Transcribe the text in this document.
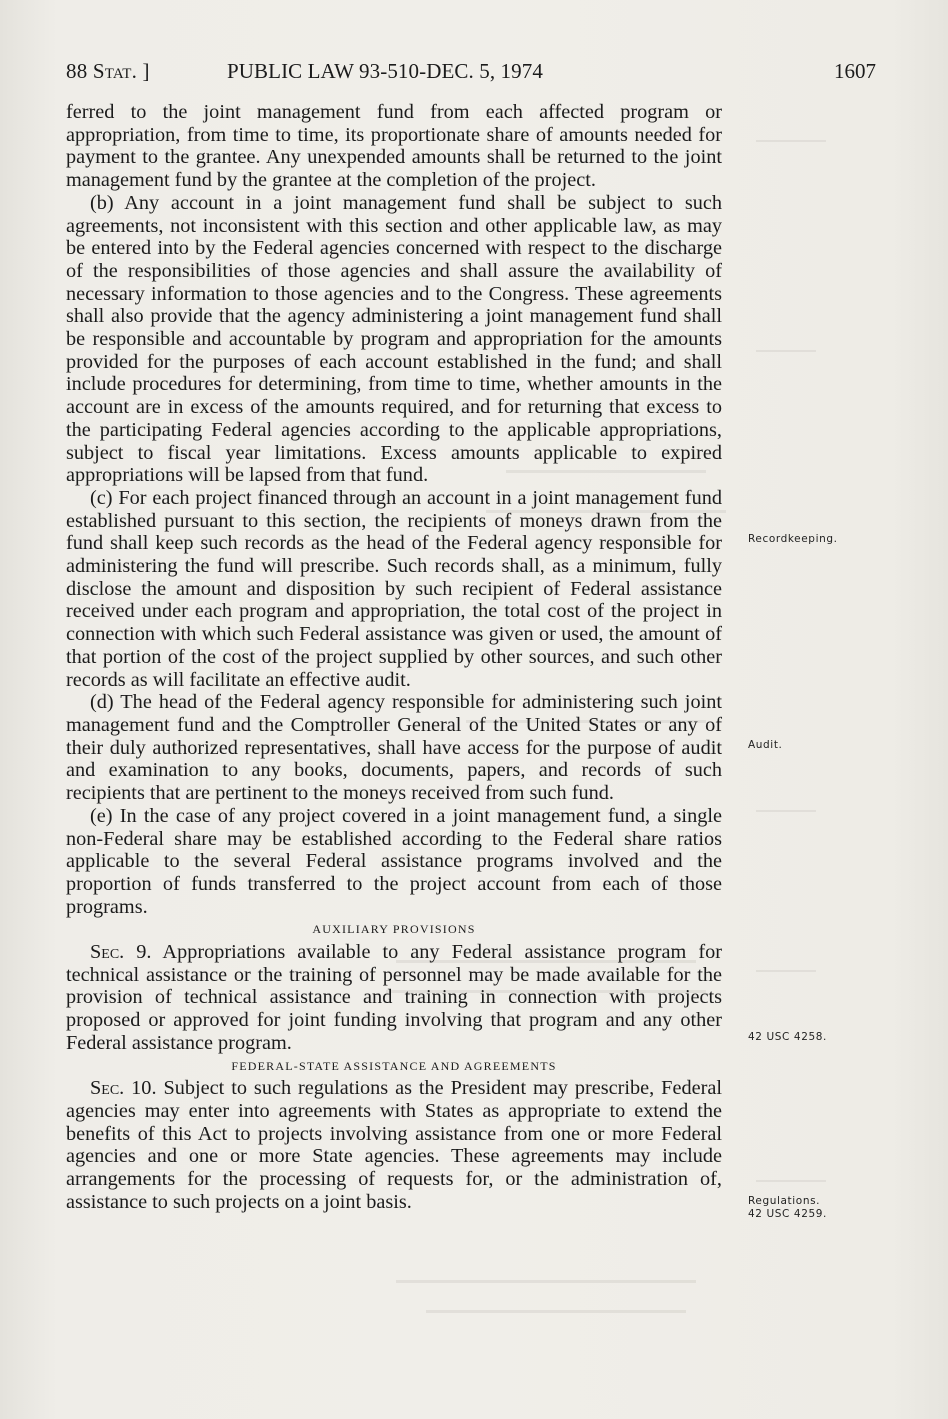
88 Stat. ]	PUBLIC LAW 93-510-DEC. 5, 1974	1607

ferred to the joint management fund from each affected program or appropriation, from time to time, its proportionate share of amounts needed for payment to the grantee. Any unexpended amounts shall be returned to the joint management fund by the grantee at the completion of the project.

(b) Any account in a joint management fund shall be subject to such agreements, not inconsistent with this section and other applicable law, as may be entered into by the Federal agencies concerned with respect to the discharge of the responsibilities of those agencies and shall assure the availability of necessary information to those agencies and to the Congress. These agreements shall also provide that the agency administering a joint management fund shall be responsible and accountable by program and appropriation for the amounts provided for the purposes of each account established in the fund; and shall include procedures for determining, from time to time, whether amounts in the account are in excess of the amounts required, and for returning that excess to the participating Federal agencies according to the applicable appropriations, subject to fiscal year limitations. Excess amounts applicable to expired appropriations will be lapsed from that fund.

(c) For each project financed through an account in a joint management fund established pursuant to this section, the recipients of moneys drawn from the fund shall keep such records as the head of the Federal agency responsible for administering the fund will prescribe. Such records shall, as a minimum, fully disclose the amount and disposition by such recipient of Federal assistance received under each program and appropriation, the total cost of the project in connection with which such Federal assistance was given or used, the amount of that portion of the cost of the project supplied by other sources, and such other records as will facilitate an effective audit.

(d) The head of the Federal agency responsible for administering such joint management fund and the Comptroller General of the United States or any of their duly authorized representatives, shall have access for the purpose of audit and examination to any books, documents, papers, and records of such recipients that are pertinent to the moneys received from such fund.

(e) In the case of any project covered in a joint management fund, a single non-Federal share may be established according to the Federal share ratios applicable to the several Federal assistance programs involved and the proportion of funds transferred to the project account from each of those programs.

AUXILIARY PROVISIONS

Sec. 9. Appropriations available to any Federal assistance program for technical assistance or the training of personnel may be made available for the provision of technical assistance and training in connection with projects proposed or approved for joint funding involving that program and any other Federal assistance program.

FEDERAL-STATE ASSISTANCE AND AGREEMENTS

Sec. 10. Subject to such regulations as the President may prescribe, Federal agencies may enter into agreements with States as appropriate to extend the benefits of this Act to projects involving assistance from one or more Federal agencies and one or more State agencies. These agreements may include arrangements for the processing of requests for, or the administration of, assistance to such projects on a joint basis.

Recordkeeping.
Audit.
42 USC 4258.
Regulations.
42 USC 4259.
